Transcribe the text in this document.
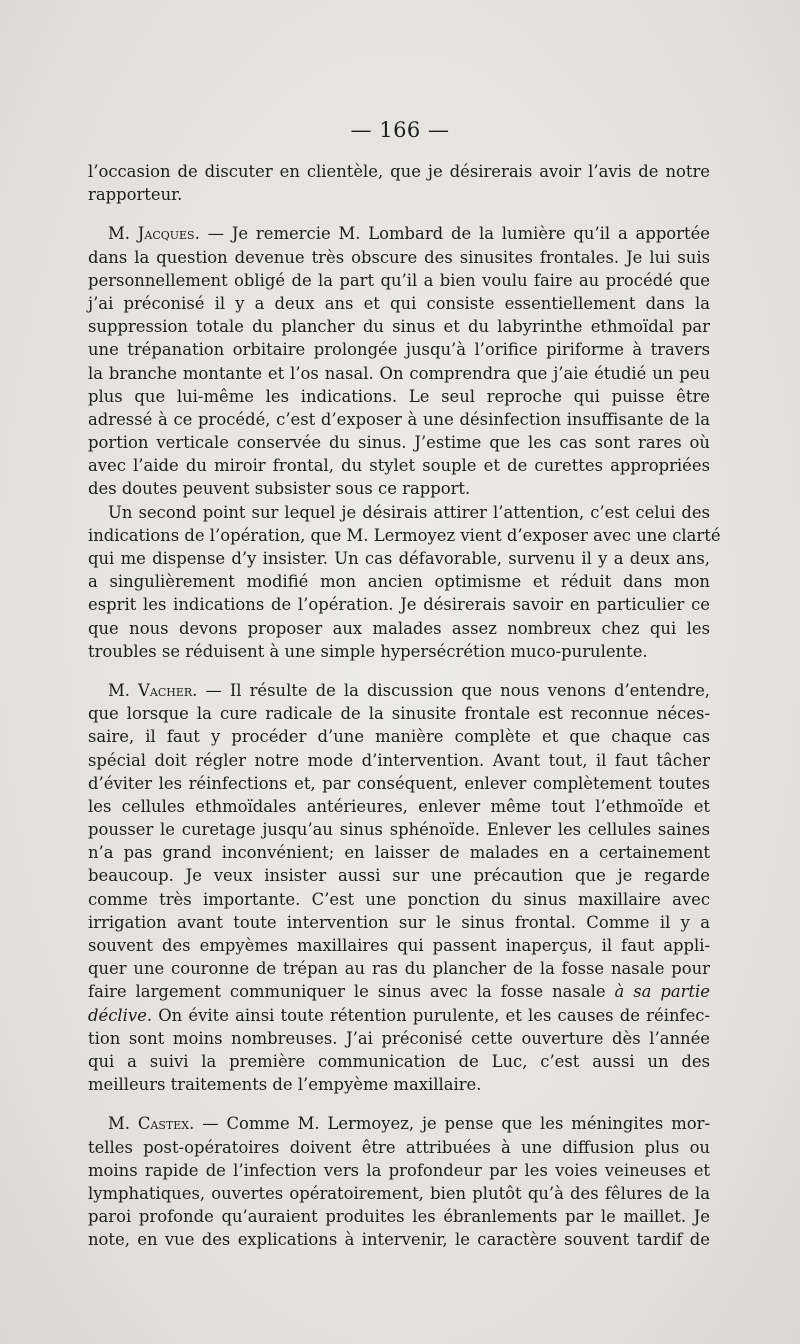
— 166 —
l’occasion de discuter en clientèle, que je désirerais avoir l’avis de notre
rapporteur.
M. Jacques. — Je remercie M. Lombard de la lumière qu’il a apportée
dans la question devenue très obscure des sinusites frontales. Je lui suis
personnellement obligé de la part qu’il a bien voulu faire au procédé que
j’ai préconisé il y a deux ans et qui consiste essentiellement dans la
suppression totale du plancher du sinus et du labyrinthe ethmoïdal par
une trépanation orbitaire prolongée jusqu’à l’orifice piriforme à travers
la branche montante et l’os nasal. On comprendra que j’aie étudié un peu
plus que lui-même les indications. Le seul reproche qui puisse être
adressé à ce procédé, c’est d’exposer à une désinfection insuffisante de la
portion verticale conservée du sinus. J’estime que les cas sont rares où
avec l’aide du miroir frontal, du stylet souple et de curettes appropriées
des doutes peuvent subsister sous ce rapport.
Un second point sur lequel je désirais attirer l’attention, c’est celui des
indications de l’opération, que M. Lermoyez vient d’exposer avec une clarté
qui me dispense d’y insister. Un cas défavorable, survenu il y a deux ans,
a singulièrement modifié mon ancien optimisme et réduit dans mon
esprit les indications de l’opération. Je désirerais savoir en particulier ce
que nous devons proposer aux malades assez nombreux chez qui les
troubles se réduisent à une simple hypersécrétion muco-purulente.
M. Vacher. — Il résulte de la discussion que nous venons d’entendre,
que lorsque la cure radicale de la sinusite frontale est reconnue néces-
saire, il faut y procéder d’une manière complète et que chaque cas
spécial doit régler notre mode d’intervention. Avant tout, il faut tâcher
d’éviter les réinfections et, par conséquent, enlever complètement toutes
les cellules ethmoïdales antérieures, enlever même tout l’ethmoïde et
pousser le curetage jusqu’au sinus sphénoïde. Enlever les cellules saines
n’a pas grand inconvénient; en laisser de malades en a certainement
beaucoup. Je veux insister aussi sur une précaution que je regarde
comme très importante. C’est une ponction du sinus maxillaire avec
irrigation avant toute intervention sur le sinus frontal. Comme il y a
souvent des empyèmes maxillaires qui passent inaperçus, il faut appli-
quer une couronne de trépan au ras du plancher de la fosse nasale pour
faire largement communiquer le sinus avec la fosse nasale à sa partie
déclive. On évite ainsi toute rétention purulente, et les causes de réinfec-
tion sont moins nombreuses. J’ai préconisé cette ouverture dès l’année
qui a suivi la première communication de Luc, c’est aussi un des
meilleurs traitements de l’empyème maxillaire.
M. Castex. — Comme M. Lermoyez, je pense que les méningites mor-
telles post-opératoires doivent être attribuées à une diffusion plus ou
moins rapide de l’infection vers la profondeur par les voies veineuses et
lymphatiques, ouvertes opératoirement, bien plutôt qu’à des fêlures de la
paroi profonde qu’auraient produites les ébranlements par le maillet. Je
note, en vue des explications à intervenir, le caractère souvent tardif de
